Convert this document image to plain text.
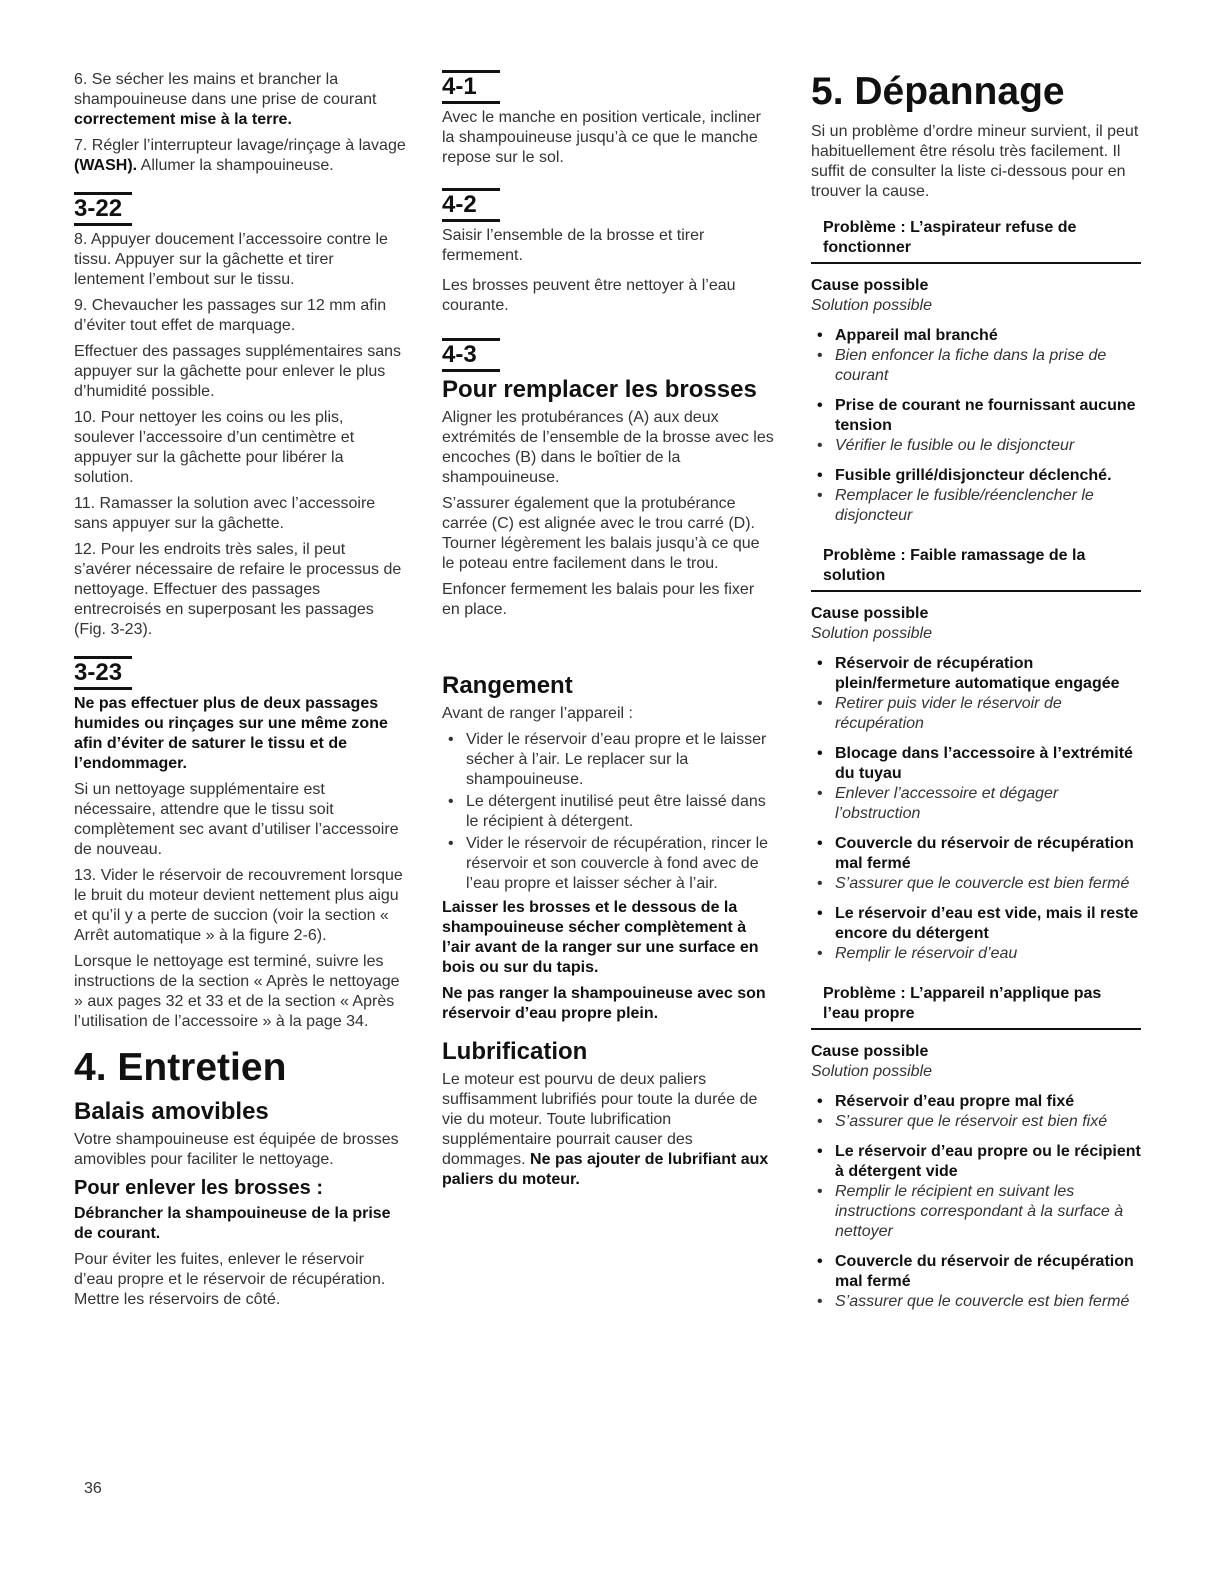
6. Se sécher les mains et brancher la shampouineuse dans une prise de courant correctement mise à la terre.

7. Régler l’interrupteur lavage/rinçage à lavage (WASH). Allumer la shampouineuse.

3-22

8. Appuyer doucement l’accessoire contre le tissu. Appuyer sur la gâchette et tirer lentement l’embout sur le tissu.

9. Chevaucher les passages sur 12 mm afin d’éviter tout effet de marquage.

Effectuer des passages supplémentaires sans appuyer sur la gâchette pour enlever le plus d’humidité possible.

10. Pour nettoyer les coins ou les plis, soulever l’accessoire d’un centimètre et appuyer sur la gâchette pour libérer la solution.

11. Ramasser la solution avec l’accessoire sans appuyer sur la gâchette.

12. Pour les endroits très sales, il peut s’avérer nécessaire de refaire le processus de nettoyage. Effectuer des passages entrecroisés en superposant les passages (Fig. 3-23).

3-23

Ne pas effectuer plus de deux passages humides ou rinçages sur une même zone afin d’éviter de saturer le tissu et de l’endommager.

Si un nettoyage supplémentaire est nécessaire, attendre que le tissu soit complètement sec avant d’utiliser l’accessoire de nouveau.

13. Vider le réservoir de recouvrement lorsque le bruit du moteur devient nettement plus aigu et qu’il y a perte de succion (voir la section « Arrêt automatique » à la figure 2-6).

Lorsque le nettoyage est terminé, suivre les instructions de la section « Après le nettoyage » aux pages 32 et 33 et de la section « Après l’utilisation de l’accessoire » à la page 34.

4. Entretien
Balais amovibles

Votre shampouineuse est équipée de brosses amovibles pour faciliter le nettoyage.

Pour enlever les brosses :

Débrancher la shampouineuse de la prise de courant.

Pour éviter les fuites, enlever le réservoir d’eau propre et le réservoir de récupération. Mettre les réservoirs de côté.

4-1

Avec le manche en position verticale, incliner la shampouineuse jusqu’à ce que le manche repose sur le sol.

4-2

Saisir l’ensemble de la brosse et tirer fermement.

Les brosses peuvent être nettoyer à l’eau courante.

4-3
Pour remplacer les brosses

Aligner les protubérances (A) aux deux extrémités de l’ensemble de la brosse avec les encoches (B) dans le boîtier de la shampouineuse.

S’assurer également que la protubérance carrée (C) est alignée avec le trou carré (D). Tourner légèrement les balais jusqu’à ce que le poteau entre facilement dans le trou.

Enfoncer fermement les balais pour les fixer en place.

Rangement

Avant de ranger l’appareil :

• Vider le réservoir d’eau propre et le laisser sécher à l’air. Le replacer sur la shampouineuse.
• Le détergent inutilisé peut être laissé dans le récipient à détergent.
• Vider le réservoir de récupération, rincer le réservoir et son couvercle à fond avec de l’eau propre et laisser sécher à l’air.

Laisser les brosses et le dessous de la shampouineuse sécher complètement à l’air avant de la ranger sur une surface en bois ou sur du tapis.

Ne pas ranger la shampouineuse avec son réservoir d’eau propre plein.

Lubrification

Le moteur est pourvu de deux paliers suffisamment lubrifiés pour toute la durée de vie du moteur. Toute lubrification supplémentaire pourrait causer des dommages. Ne pas ajouter de lubrifiant aux paliers du moteur.

5. Dépannage

Si un problème d’ordre mineur survient, il peut habituellement être résolu très facilement. Il suffit de consulter la liste ci-dessous pour en trouver la cause.

Problème : L’aspirateur refuse de fonctionner
Cause possible
Solution possible
• Appareil mal branché
• Bien enfoncer la fiche dans la prise de courant
• Prise de courant ne fournissant aucune tension
• Vérifier le fusible ou le disjoncteur
• Fusible grillé/disjoncteur déclenché.
• Remplacer le fusible/réenclencher le disjoncteur
Problème : Faible ramassage de la solution
Cause possible
Solution possible
• Réservoir de récupération plein/fermeture automatique engagée
• Retirer puis vider le réservoir de récupération
• Blocage dans l’accessoire à l’extrémité du tuyau
• Enlever l’accessoire et dégager l’obstruction
• Couvercle du réservoir de récupération mal fermé
• S’assurer que le couvercle est bien fermé
• Le réservoir d’eau est vide, mais il reste encore du détergent
• Remplir le réservoir d’eau
Problème : L’appareil n’applique pas l’eau propre
Cause possible
Solution possible
• Réservoir d’eau propre mal fixé
• S’assurer que le réservoir est bien fixé
• Le réservoir d’eau propre ou le récipient à détergent vide
• Remplir le récipient en suivant les instructions correspondant à la surface à nettoyer
• Couvercle du réservoir de récupération mal fermé
• S’assurer que le couvercle est bien fermé
36
